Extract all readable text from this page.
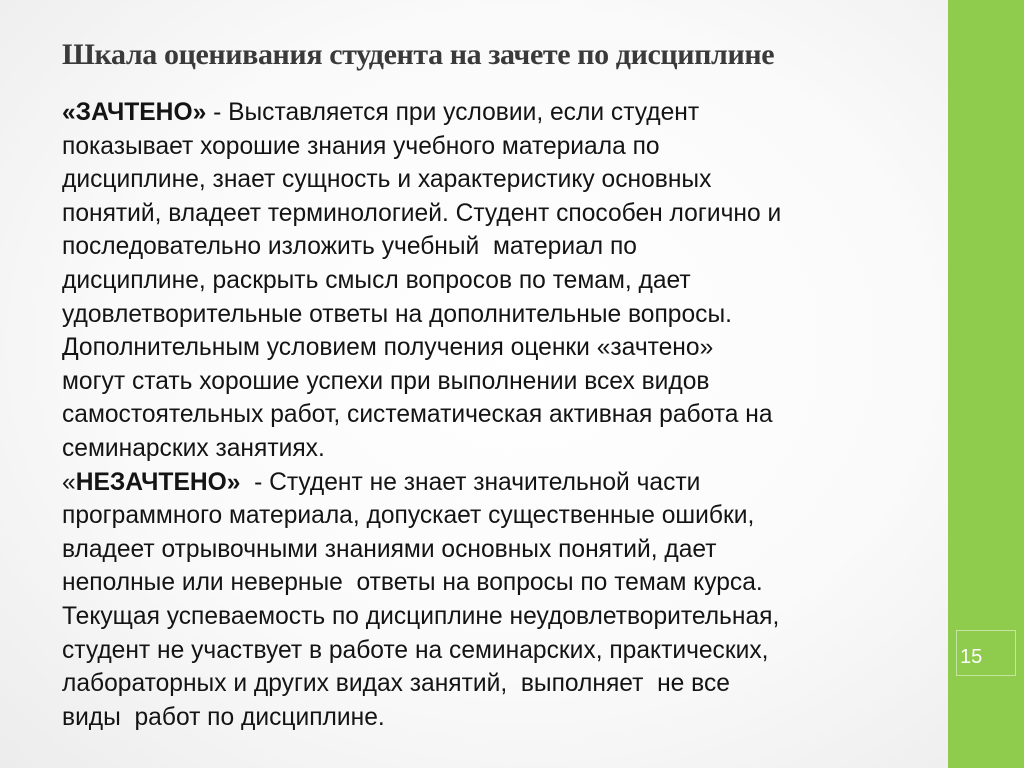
Шкала оценивания студента на зачете по дисциплине
«ЗАЧТЕНО» - Выставляется при условии, если студент
показывает хорошие знания учебного материала по
дисциплине, знает сущность и характеристику основных
понятий, владеет терминологией. Студент способен логично и
последовательно изложить учебный  материал по
дисциплине, раскрыть смысл вопросов по темам, дает
удовлетворительные ответы на дополнительные вопросы.
Дополнительным условием получения оценки «зачтено»
могут стать хорошие успехи при выполнении всех видов
самостоятельных работ, систематическая активная работа на
семинарских занятиях.
«НЕЗАЧТЕНО»  - Студент не знает значительной части
программного материала, допускает существенные ошибки,
владеет отрывочными знаниями основных понятий, дает
неполные или неверные  ответы на вопросы по темам курса.
Текущая успеваемость по дисциплине неудовлетворительная,
студент не участвует в работе на семинарских, практических,
лабораторных и других видах занятий,  выполняет  не все
виды  работ по дисциплине.
15
